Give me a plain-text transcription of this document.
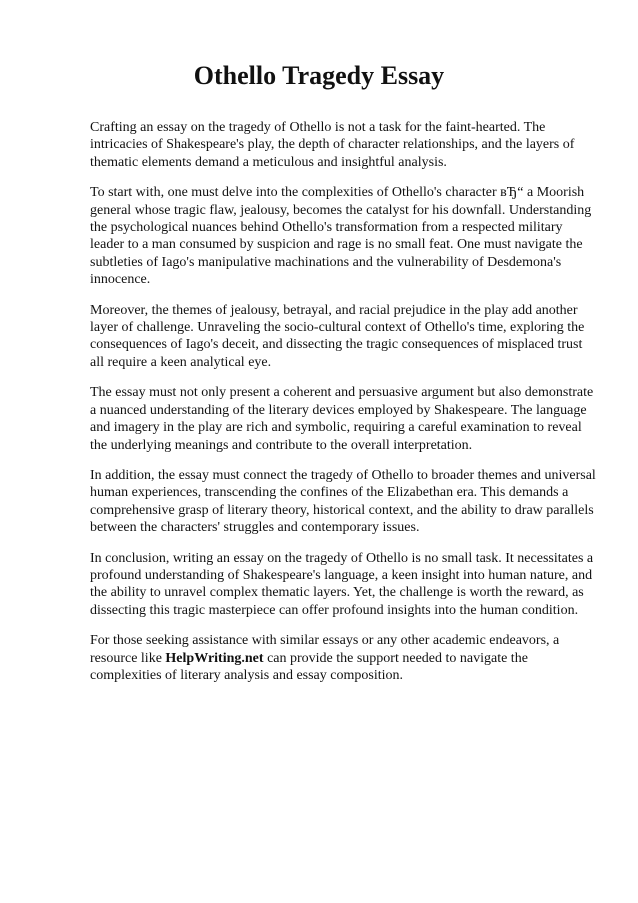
Othello Tragedy Essay

Crafting an essay on the tragedy of Othello is not a task for the faint-hearted. The intricacies of Shakespeare's play, the depth of character relationships, and the layers of thematic elements demand a meticulous and insightful analysis.

To start with, one must delve into the complexities of Othello's character вЂ“ a Moorish general whose tragic flaw, jealousy, becomes the catalyst for his downfall. Understanding the psychological nuances behind Othello's transformation from a respected military leader to a man consumed by suspicion and rage is no small feat. One must navigate the subtleties of Iago's manipulative machinations and the vulnerability of Desdemona's innocence.

Moreover, the themes of jealousy, betrayal, and racial prejudice in the play add another layer of challenge. Unraveling the socio-cultural context of Othello's time, exploring the consequences of Iago's deceit, and dissecting the tragic consequences of misplaced trust all require a keen analytical eye.

The essay must not only present a coherent and persuasive argument but also demonstrate a nuanced understanding of the literary devices employed by Shakespeare. The language and imagery in the play are rich and symbolic, requiring a careful examination to reveal the underlying meanings and contribute to the overall interpretation.

In addition, the essay must connect the tragedy of Othello to broader themes and universal human experiences, transcending the confines of the Elizabethan era. This demands a comprehensive grasp of literary theory, historical context, and the ability to draw parallels between the characters' struggles and contemporary issues.

In conclusion, writing an essay on the tragedy of Othello is no small task. It necessitates a profound understanding of Shakespeare's language, a keen insight into human nature, and the ability to unravel complex thematic layers. Yet, the challenge is worth the reward, as dissecting this tragic masterpiece can offer profound insights into the human condition.

For those seeking assistance with similar essays or any other academic endeavors, a resource like HelpWriting.net can provide the support needed to navigate the complexities of literary analysis and essay composition.
